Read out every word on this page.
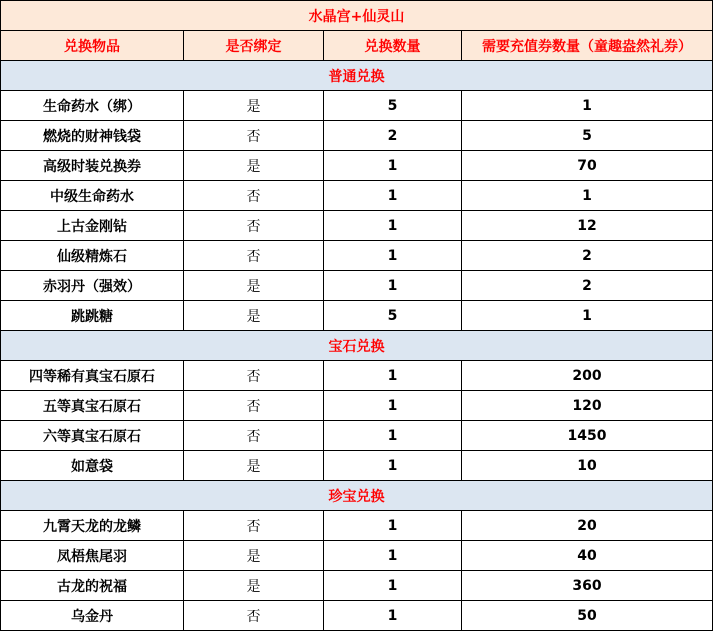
水晶宫+仙灵山			
兑换物品	是否绑定	兑换数量	需要充值券数量（童趣盎然礼券）
普通兑换			
生命药水（绑）	是	5	1
燃烧的财神钱袋	否	2	5
高级时装兑换券	是	1	70
中级生命药水	否	1	1
上古金刚钻	否	1	12
仙级精炼石	否	1	2
赤羽丹（强效）	是	1	2
跳跳糖	是	5	1
宝石兑换			
四等稀有真宝石原石	否	1	200
五等真宝石原石	否	1	120
六等真宝石原石	否	1	1450
如意袋	是	1	10
珍宝兑换			
九霄天龙的龙鳞	否	1	20
凤梧焦尾羽	是	1	40
古龙的祝福	是	1	360
乌金丹	否	1	50
